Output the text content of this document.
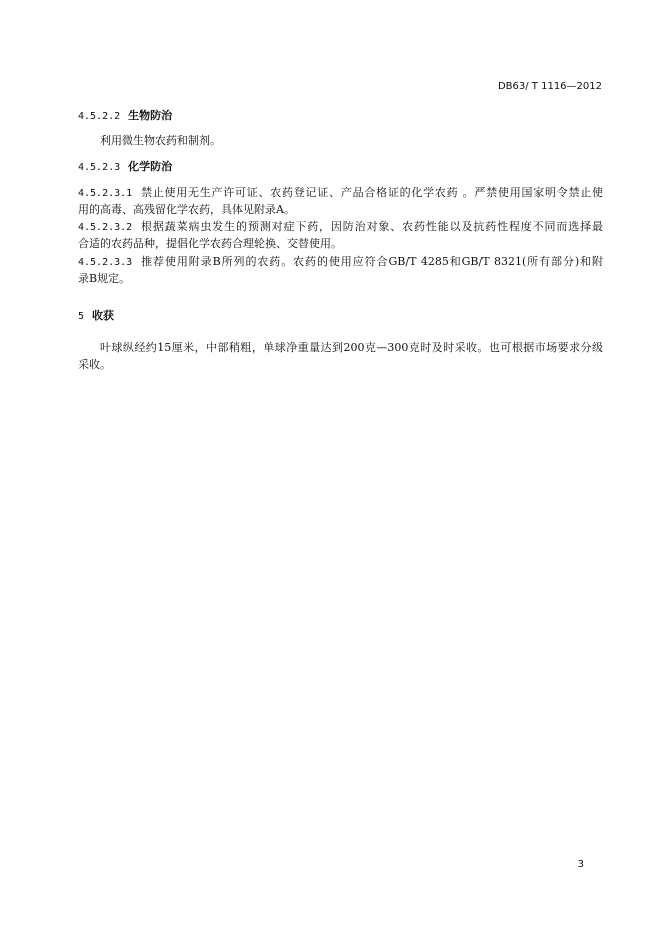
DB63/ T 1116—2012
4.5.2.2 生物防治
利用微生物农药和制剂。
4.5.2.3 化学防治
4.5.2.3.1 禁止使用无生产许可证、农药登记证、产品合格证的化学农药 。严禁使用国家明令禁止使
用的高毒、高残留化学农药，具体见附录A。
4.5.2.3.2 根据蔬菜病虫发生的预测对症下药，因防治对象、农药性能以及抗药性程度不同而选择最
合适的农药品种，提倡化学农药合理轮换、交替使用。
4.5.2.3.3 推荐使用附录B所列的农药。农药的使用应符合GB/T 4285和GB/T 8321(所有部分)和附
录B规定。
5 收获
叶球纵经约15厘米，中部稍粗，单球净重量达到200克—300克时及时采收。也可根据市场要求分级
采收。
3
